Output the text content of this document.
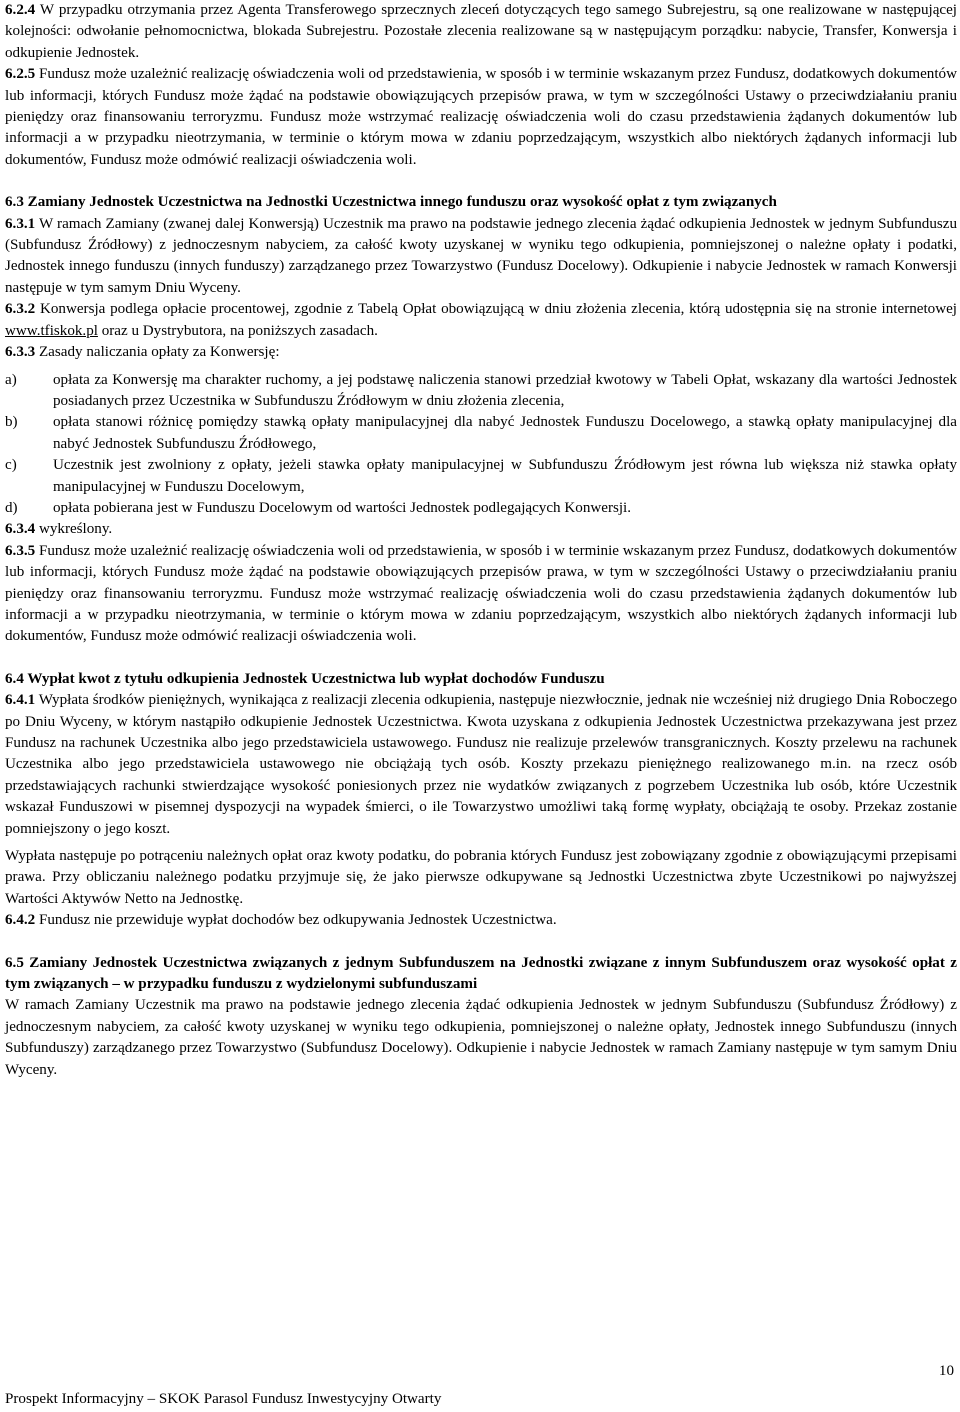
6.2.4 W przypadku otrzymania przez Agenta Transferowego sprzecznych zleceń dotyczących tego samego Subrejestru, są one realizowane w następującej kolejności: odwołanie pełnomocnictwa, blokada Subrejestru. Pozostałe zlecenia realizowane są w następującym porządku: nabycie, Transfer, Konwersja i odkupienie Jednostek.

6.2.5 Fundusz może uzależnić realizację oświadczenia woli od przedstawienia, w sposób i w terminie wskazanym przez Fundusz, dodatkowych dokumentów lub informacji, których Fundusz może żądać na podstawie obowiązujących przepisów prawa, w tym w szczególności Ustawy o przeciwdziałaniu praniu pieniędzy oraz finansowaniu terroryzmu. Fundusz może wstrzymać realizację oświadczenia woli do czasu przedstawienia żądanych dokumentów lub informacji a w przypadku nieotrzymania, w terminie o którym mowa w zdaniu poprzedzającym, wszystkich albo niektórych żądanych informacji lub dokumentów, Fundusz może odmówić realizacji oświadczenia woli.

6.3 Zamiany Jednostek Uczestnictwa na Jednostki Uczestnictwa innego funduszu oraz wysokość opłat z tym związanych

6.3.1 W ramach Zamiany (zwanej dalej Konwersją) Uczestnik ma prawo na podstawie jednego zlecenia żądać odkupienia Jednostek w jednym Subfunduszu (Subfundusz Źródłowy) z jednoczesnym nabyciem, za całość kwoty uzyskanej w wyniku tego odkupienia, pomniejszonej o należne opłaty i podatki, Jednostek innego funduszu (innych funduszy) zarządzanego przez Towarzystwo (Fundusz Docelowy). Odkupienie i nabycie Jednostek w ramach Konwersji następuje w tym samym Dniu Wyceny.

6.3.2 Konwersja podlega opłacie procentowej, zgodnie z Tabelą Opłat obowiązującą w dniu złożenia zlecenia, którą udostępnia się na stronie internetowej www.tfiskok.pl oraz u Dystrybutora, na poniższych zasadach.

6.3.3 Zasady naliczania opłaty za Konwersję:

a)	opłata za Konwersję ma charakter ruchomy, a jej podstawę naliczenia stanowi przedział kwotowy w Tabeli Opłat, wskazany dla wartości Jednostek posiadanych przez Uczestnika w Subfunduszu Źródłowym w dniu złożenia zlecenia,
b)	opłata stanowi różnicę pomiędzy stawką opłaty manipulacyjnej dla nabyć Jednostek Funduszu Docelowego, a stawką opłaty manipulacyjnej dla nabyć Jednostek Subfunduszu Źródłowego,
c)	Uczestnik jest zwolniony z opłaty, jeżeli stawka opłaty manipulacyjnej w Subfunduszu Źródłowym jest równa lub większa niż stawka opłaty manipulacyjnej w Funduszu Docelowym,
d)	opłata pobierana jest w Funduszu Docelowym od wartości Jednostek podlegających Konwersji.

6.3.4 wykreślony.

6.3.5 Fundusz może uzależnić realizację oświadczenia woli od przedstawienia, w sposób i w terminie wskazanym przez Fundusz, dodatkowych dokumentów lub informacji, których Fundusz może żądać na podstawie obowiązujących przepisów prawa, w tym w szczególności Ustawy o przeciwdziałaniu praniu pieniędzy oraz finansowaniu terroryzmu. Fundusz może wstrzymać realizację oświadczenia woli do czasu przedstawienia żądanych dokumentów lub informacji a w przypadku nieotrzymania, w terminie o którym mowa w zdaniu poprzedzającym, wszystkich albo niektórych żądanych informacji lub dokumentów, Fundusz może odmówić realizacji oświadczenia woli.

6.4 Wypłat kwot z tytułu odkupienia Jednostek Uczestnictwa lub wypłat dochodów Funduszu

6.4.1 Wypłata środków pieniężnych, wynikająca z realizacji zlecenia odkupienia, następuje niezwłocznie, jednak nie wcześniej niż drugiego Dnia Roboczego po Dniu Wyceny, w którym nastąpiło odkupienie Jednostek Uczestnictwa. Kwota uzyskana z odkupienia Jednostek Uczestnictwa przekazywana jest przez Fundusz na rachunek Uczestnika albo jego przedstawiciela ustawowego. Fundusz nie realizuje przelewów transgranicznych. Koszty przelewu na rachunek Uczestnika albo jego przedstawiciela ustawowego nie obciążają tych osób. Koszty przekazu pieniężnego realizowanego m.in. na rzecz osób przedstawiających rachunki stwierdzające wysokość poniesionych przez nie wydatków związanych z pogrzebem Uczestnika lub osób, które Uczestnik wskazał Funduszowi w pisemnej dyspozycji na wypadek śmierci, o ile Towarzystwo umożliwi taką formę wypłaty, obciążają te osoby. Przekaz zostanie pomniejszony o jego koszt.

Wypłata następuje po potrąceniu należnych opłat oraz kwoty podatku, do pobrania których Fundusz jest zobowiązany zgodnie z obowiązującymi przepisami prawa. Przy obliczaniu należnego podatku przyjmuje się, że jako pierwsze odkupywane są Jednostki Uczestnictwa zbyte Uczestnikowi po najwyższej Wartości Aktywów Netto na Jednostkę.

6.4.2 Fundusz nie przewiduje wypłat dochodów bez odkupywania Jednostek Uczestnictwa.

6.5 Zamiany Jednostek Uczestnictwa związanych z jednym Subfunduszem na Jednostki związane z innym Subfunduszem oraz wysokość opłat z tym związanych – w przypadku funduszu z wydzielonymi subfunduszami

W ramach Zamiany Uczestnik ma prawo na podstawie jednego zlecenia żądać odkupienia Jednostek w jednym Subfunduszu (Subfundusz Źródłowy) z jednoczesnym nabyciem, za całość kwoty uzyskanej w wyniku tego odkupienia, pomniejszonej o należne opłaty, Jednostek innego Subfunduszu (innych Subfunduszy) zarządzanego przez Towarzystwo (Subfundusz Docelowy). Odkupienie i nabycie Jednostek w ramach Zamiany następuje w tym samym Dniu Wyceny.

10
Prospekt Informacyjny – SKOK Parasol Fundusz Inwestycyjny Otwarty
